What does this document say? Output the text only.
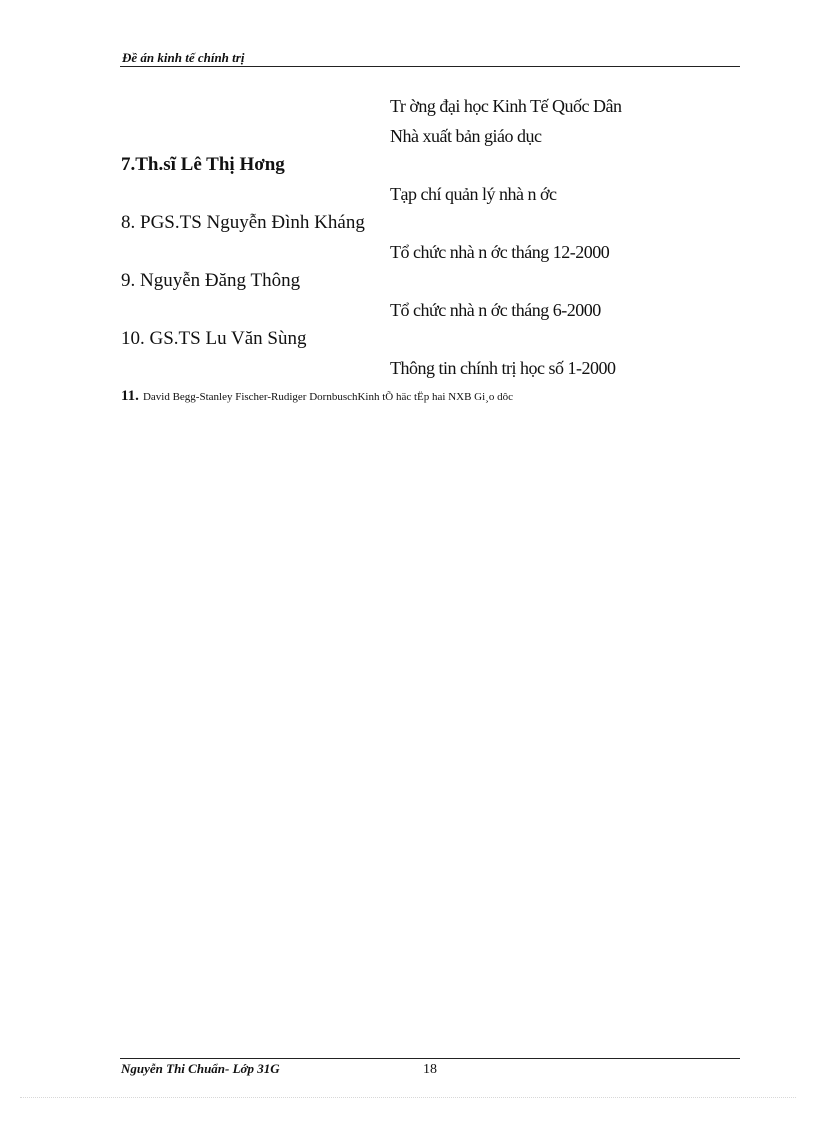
Đề án kinh tế chính trị
Tr ờng đại học Kinh Tế Quốc Dân
Nhà xuất bản giáo dục
7.Th.sĩ Lê Thị Hơng
Tạp chí quản lý nhà n ớc
8. PGS.TS Nguyễn Đình Kháng
Tổ chức nhà n ớc tháng 12-2000
9. Nguyễn Đăng Thông
Tổ chức nhà n ớc tháng 6-2000
10. GS.TS Lu Văn Sùng
Thông tin chính trị học số 1-2000
11. David Begg-Stanley Fischer-Rudiger DornbuschKinh tÕ häc tËp hai NXB Gi¸o dôc
Nguyễn Thi Chuẩn- Lớp 31G	18
